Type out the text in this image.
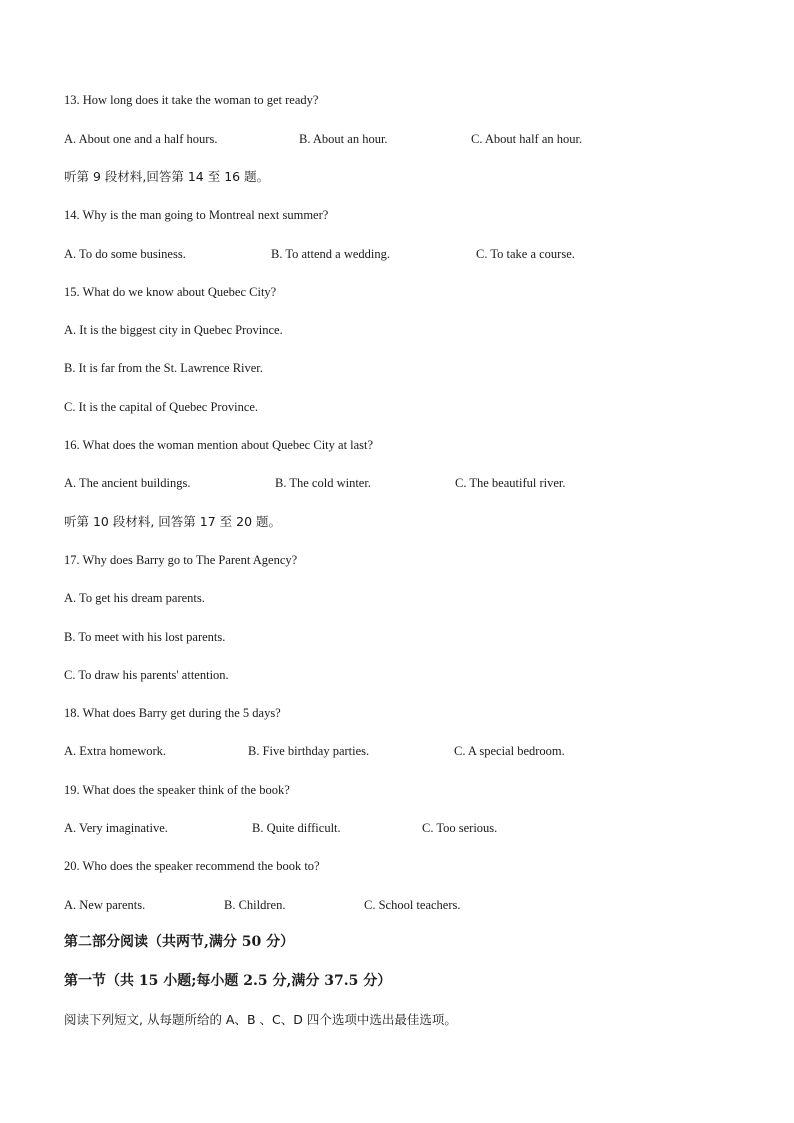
13. How long does it take the woman to get ready?
A. About one and a half hours.	B. About an hour.	C. About half an hour.
听第 9 段材料,回答第 14 至 16 题。
14. Why is the man going to Montreal next summer?
A. To do some business.	B. To attend a wedding.	C. To take a course.
15. What do we know about Quebec City?
A. It is the biggest city in Quebec Province.
B. It is far from the St. Lawrence River.
C. It is the capital of Quebec Province.
16. What does the woman mention about Quebec City at last?
A. The ancient buildings.	B. The cold winter.	C. The beautiful river.
听第 10 段材料, 回答第 17 至 20 题。
17. Why does Barry go to The Parent Agency?
A. To get his dream parents.
B. To meet with his lost parents.
C. To draw his parents' attention.
18. What does Barry get during the 5 days?
A. Extra homework.	B. Five birthday parties.	C. A special bedroom.
19. What does the speaker think of the book?
A. Very imaginative.	B. Quite difficult.	C. Too serious.
20. Who does the speaker recommend the book to?
A. New parents.	B. Children.	C. School teachers.
第二部分阅读（共两节,满分 50 分）
第一节（共 15 小题;每小题 2.5 分,满分 37.5 分）
阅读下列短文, 从每题所给的 A、B 、C、D 四个选项中选出最佳选项。
